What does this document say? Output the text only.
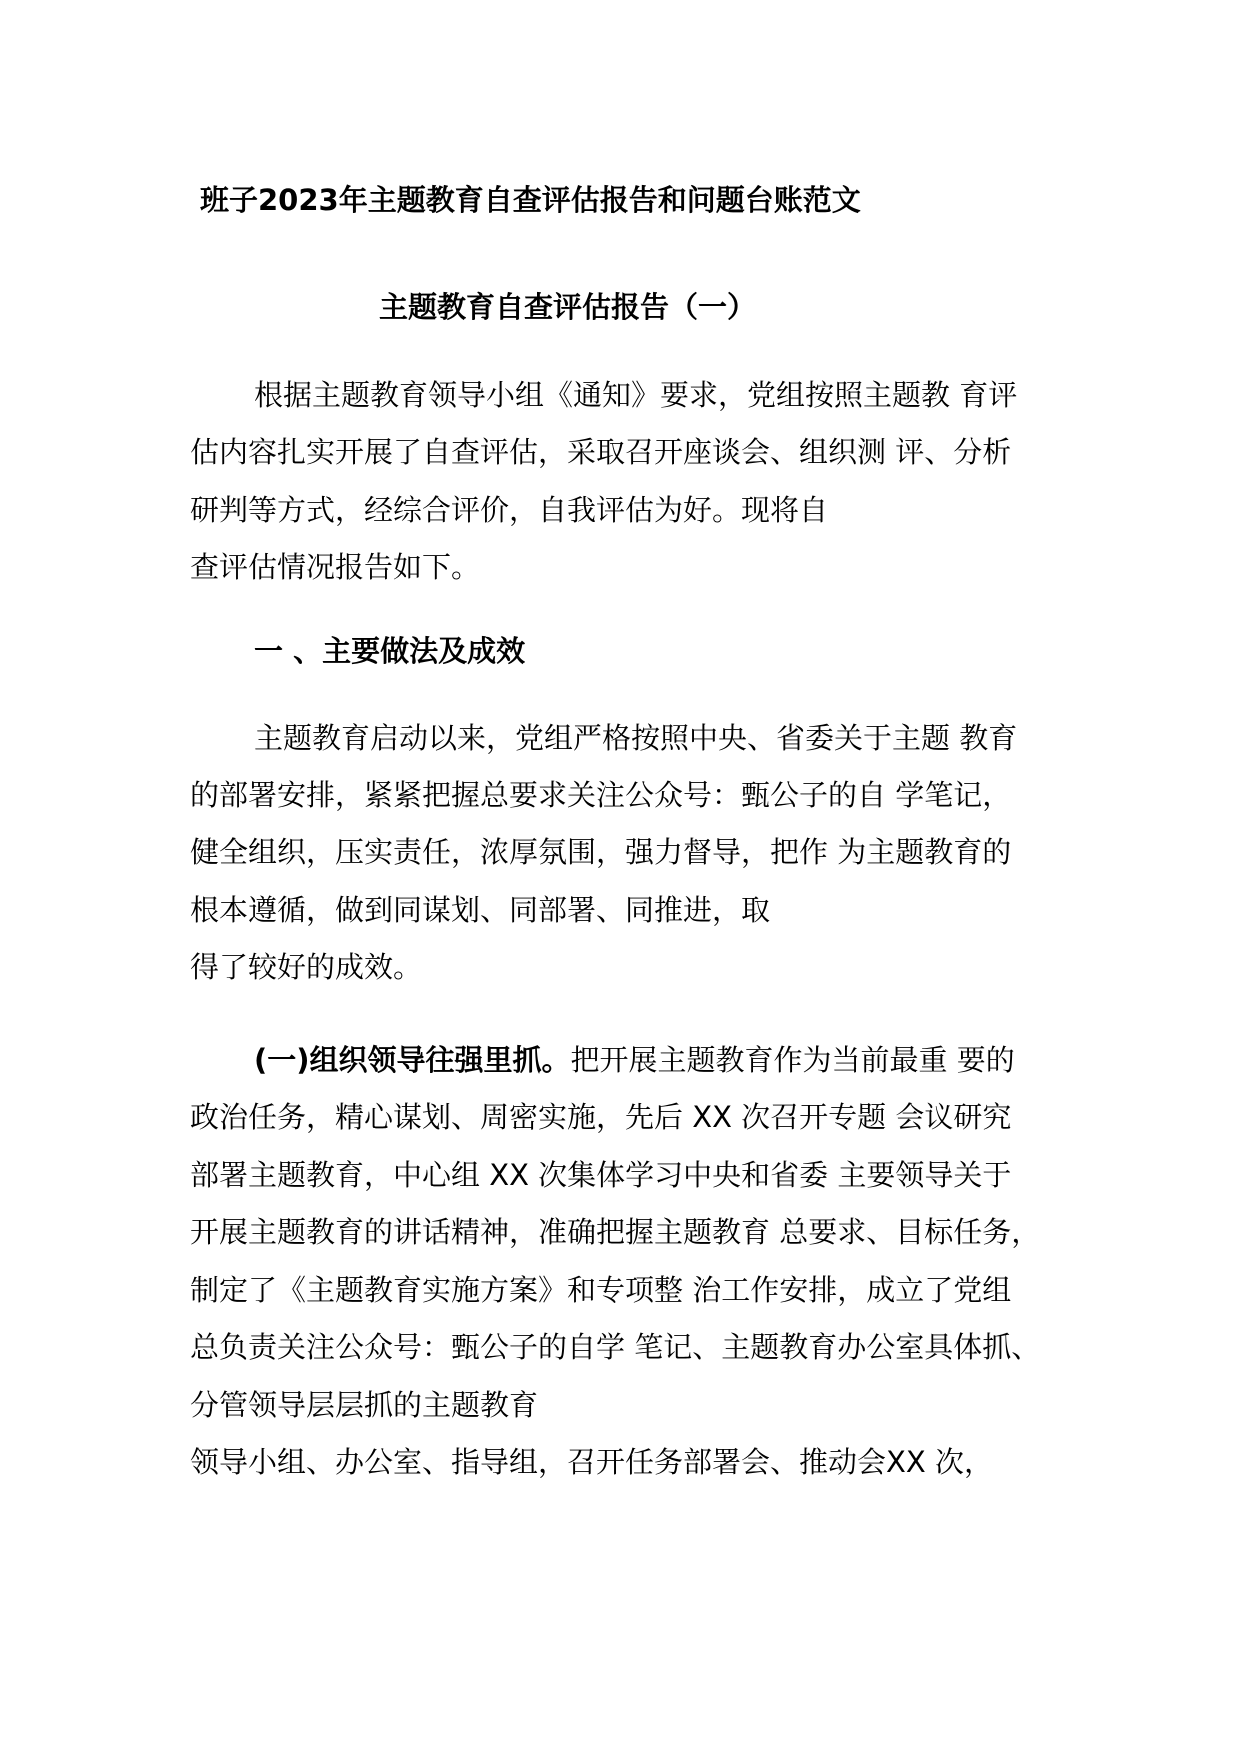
班子2023年主题教育自查评估报告和问题台账范文
主题教育自查评估报告（一）
根据主题教育领导小组《通知》要求，党组按照主题教 育评
估内容扎实开展了自查评估，采取召开座谈会、组织测 评、分析
研判等方式，经综合评价，自我评估为好。现将自
查评估情况报告如下。
一 、主要做法及成效
主题教育启动以来，党组严格按照中央、省委关于主题 教育
的部署安排，紧紧把握总要求关注公众号：甄公子的自 学笔记，
健全组织，压实责任，浓厚氛围，强力督导，把作 为主题教育的
根本遵循，做到同谋划、同部署、同推进，取
得了较好的成效。
(一)组织领导往强里抓。把开展主题教育作为当前最重 要的
政治任务，精心谋划、周密实施，先后 XX 次召开专题 会议研究
部署主题教育，中心组 XX 次集体学习中央和省委 主要领导关于
开展主题教育的讲话精神，准确把握主题教育 总要求、目标任务，
制定了《主题教育实施方案》和专项整 治工作安排，成立了党组
总负责关注公众号：甄公子的自学 笔记、主题教育办公室具体抓、
分管领导层层抓的主题教育
领导小组、办公室、指导组，召开任务部署会、推动会XX 次，
